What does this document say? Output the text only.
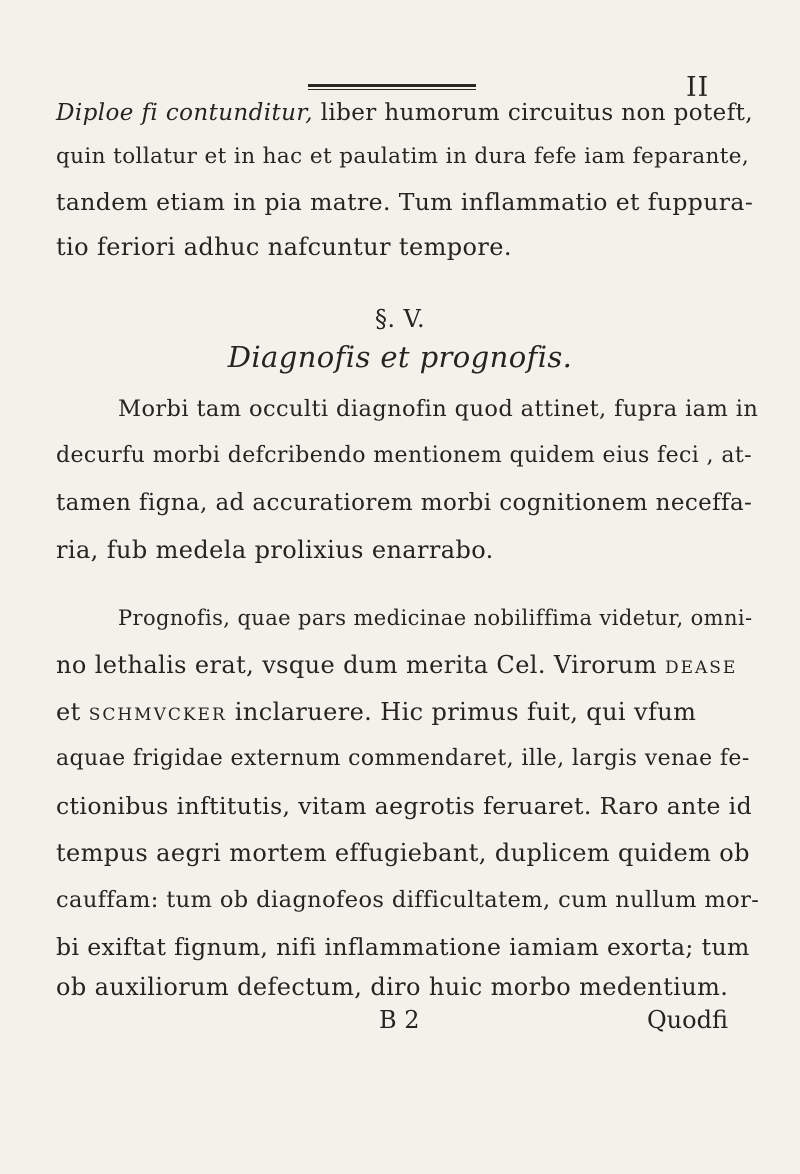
II
Diploe fi contunditur, liber humorum circuitus non poteft,
quin tollatur et in hac et paulatim in dura fefe iam feparante,
tandem etiam in pia matre. Tum inflammatio et fuppura-
tio feriori adhuc nafcuntur tempore.
§. V.
Diagnofis et prognofis.
Morbi tam occulti diagnofin quod attinet, fupra iam in
decurfu morbi defcribendo mentionem quidem eius feci , at-
tamen figna, ad accuratiorem morbi cognitionem neceffa-
ria, fub medela prolixius enarrabo.
Prognofis, quae pars medicinae nobiliffima videtur, omni-
no lethalis erat, vsque dum merita Cel. Virorum dease
et schmvcker inclaruere. Hic primus fuit, qui vfum
aquae frigidae externum commendaret, ille, largis venae fe-
ctionibus inftitutis, vitam aegrotis feruaret. Raro ante id
tempus aegri mortem effugiebant, duplicem quidem ob
cauffam: tum ob diagnofeos difficultatem, cum nullum mor-
bi exiftat fignum, nifi inflammatione iamiam exorta; tum
ob auxiliorum defectum, diro huic morbo medentium.
B 2	Quodfi
